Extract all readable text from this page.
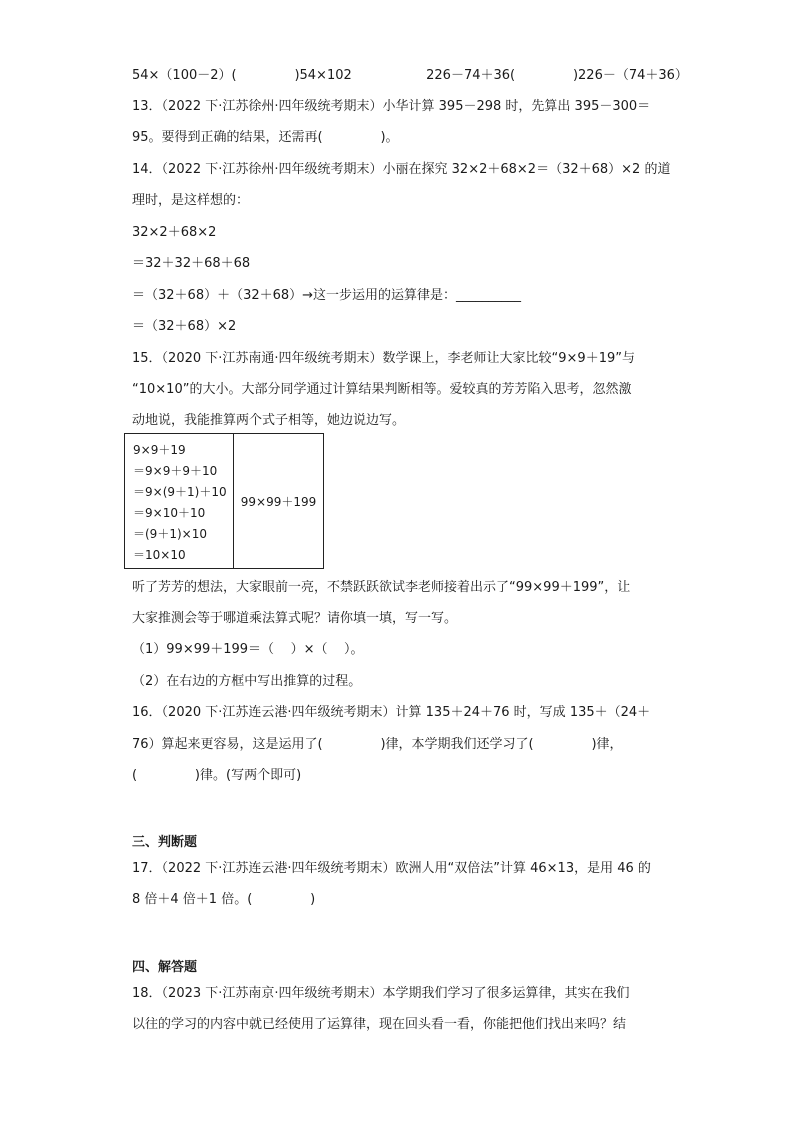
54×（100－2）(              )54×102                  226－74＋36(              )226－（74＋36）
13．（2022 下·江苏徐州·四年级统考期末）小华计算 395－298 时，先算出 395－300＝
95。要得到正确的结果，还需再(              )。
14．（2022 下·江苏徐州·四年级统考期末）小丽在探究 32×2＋68×2＝（32＋68）×2 的道
理时，是这样想的：
32×2＋68×2
＝32＋32＋68＋68
＝（32＋68）＋（32＋68）→这一步运用的运算律是：__________
＝（32＋68）×2
15．（2020 下·江苏南通·四年级统考期末）数学课上，李老师让大家比较“9×9＋19”与
“10×10”的大小。大部分同学通过计算结果判断相等。爱较真的芳芳陷入思考，忽然激
动地说，我能推算两个式子相等，她边说边写。
9×9＋19
＝9×9＋9＋10
＝9×(9＋1)＋10
＝9×10＋10
＝(9＋1)×10
＝10×10
99×99＋199
听了芳芳的想法，大家眼前一亮，不禁跃跃欲试李老师接着出示了“99×99＋199”，让
大家推测会等于哪道乘法算式呢？请你填一填，写一写。
（1）99×99＋199＝（    ）×（    ）。
（2）在右边的方框中写出推算的过程。
16．（2020 下·江苏连云港·四年级统考期末）计算 135＋24＋76 时，写成 135＋（24＋
76）算起来更容易，这是运用了(              )律，本学期我们还学习了(              )律，
(              )律。(写两个即可)
三、判断题
17．（2022 下·江苏连云港·四年级统考期末）欧洲人用“双倍法”计算 46×13，是用 46 的
8 倍＋4 倍＋1 倍。(              )
四、解答题
18．（2023 下·江苏南京·四年级统考期末）本学期我们学习了很多运算律，其实在我们
以往的学习的内容中就已经使用了运算律，现在回头看一看，你能把他们找出来吗？结
